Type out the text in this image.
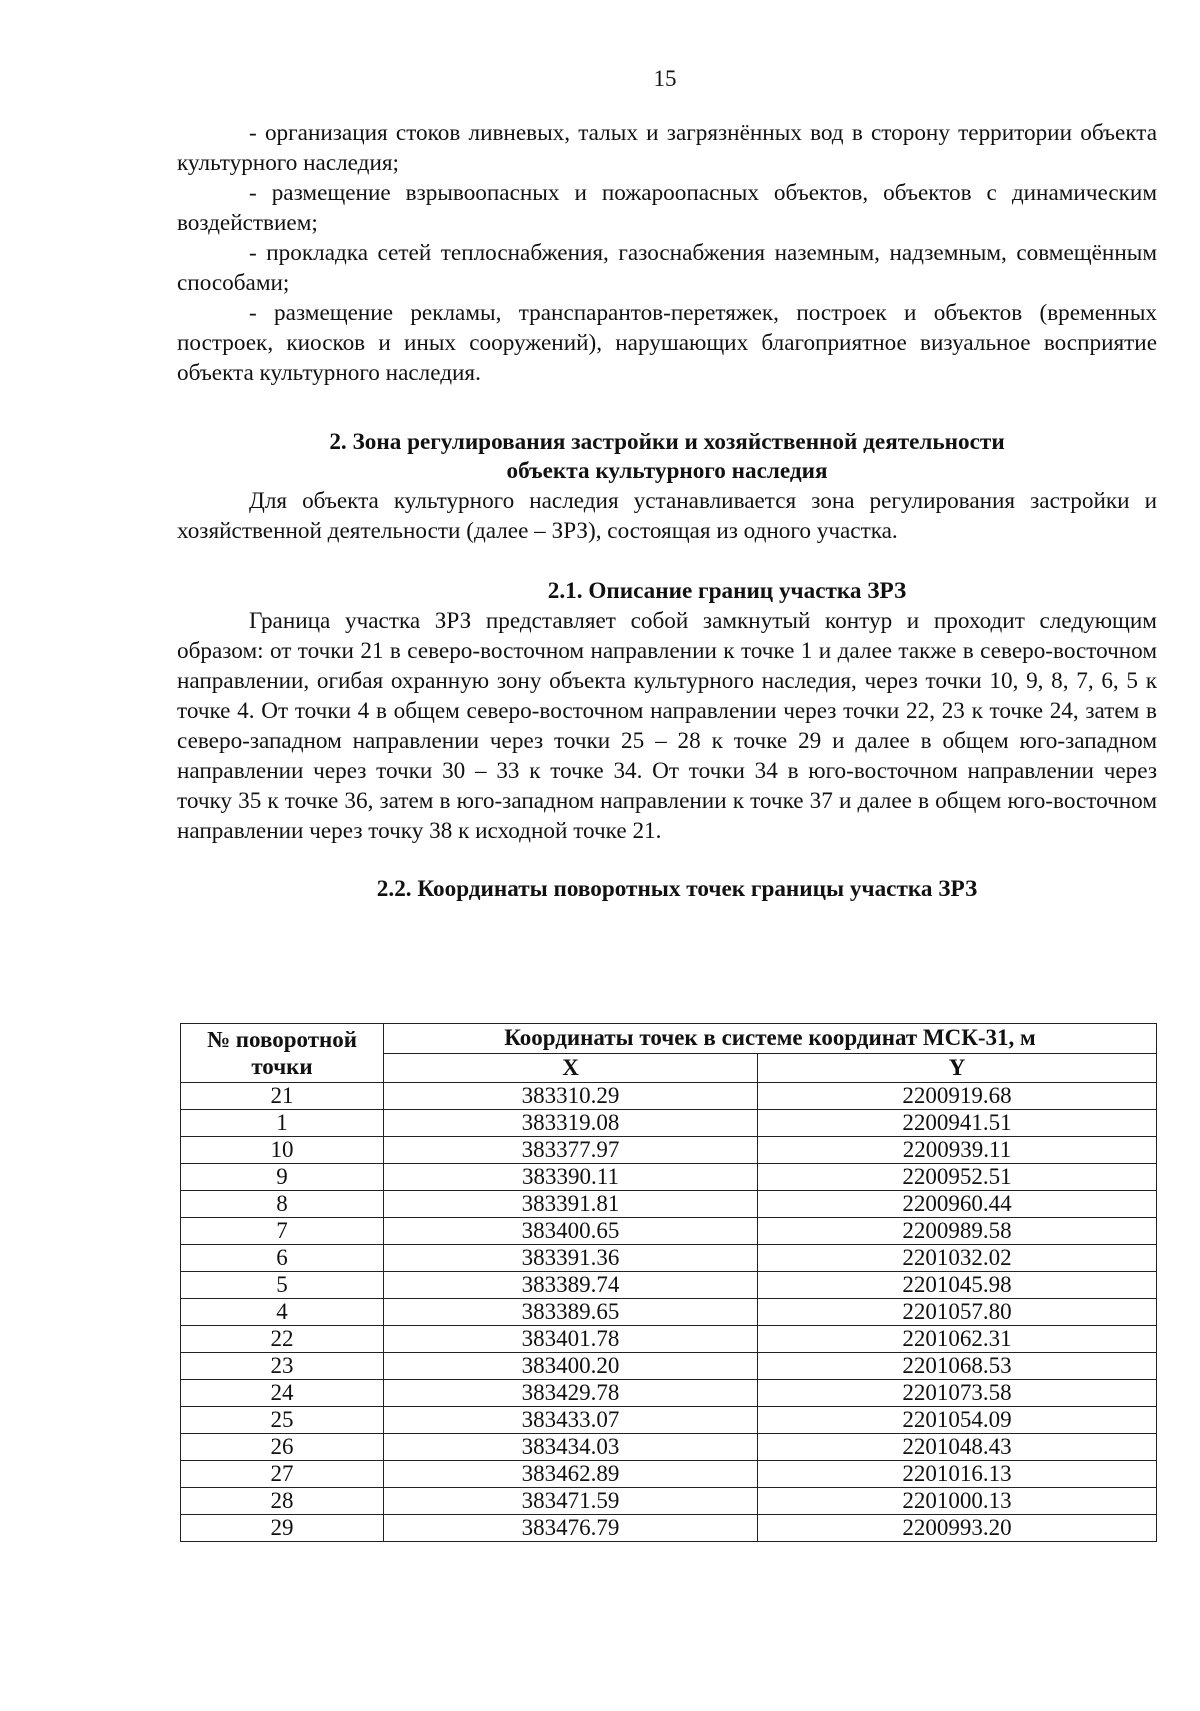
15

- организация стоков ливневых, талых и загрязнённых вод в сторону территории объекта культурного наследия;

- размещение взрывоопасных и пожароопасных объектов, объектов с динамическим воздействием;

- прокладка сетей теплоснабжения, газоснабжения наземным, надземным, совмещённым способами;

- размещение рекламы, транспарантов-перетяжек, построек и объектов (временных построек, киосков и иных сооружений), нарушающих благоприятное визуальное восприятие объекта культурного наследия.

2. Зона регулирования застройки и хозяйственной деятельности
объекта культурного наследия

Для объекта культурного наследия устанавливается зона регулирования застройки и хозяйственной деятельности (далее – ЗРЗ), состоящая из одного участка.

2.1. Описание границ участка ЗРЗ

Граница участка ЗРЗ представляет собой замкнутый контур и проходит следующим образом: от точки 21 в северо-восточном направлении к точке 1 и далее также в северо-восточном направлении, огибая охранную зону объекта культурного наследия, через точки 10, 9, 8, 7, 6, 5 к точке 4. От точки 4 в общем северо-восточном направлении через точки 22, 23 к точке 24, затем в северо-западном направлении через точки 25 – 28 к точке 29 и далее в общем юго-западном направлении через точки 30 – 33 к точке 34. От точки 34 в юго-восточном направлении через точку 35 к точке 36, затем в юго-западном направлении к точке 37 и далее в общем юго-восточном направлении через точку 38 к исходной точке 21.

2.2. Координаты поворотных точек границы участка ЗРЗ
№ поворотной
точки	Координаты точек в системе координат МСК-31, м	
	X	Y
21	383310.29	2200919.68
1	383319.08	2200941.51
10	383377.97	2200939.11
9	383390.11	2200952.51
8	383391.81	2200960.44
7	383400.65	2200989.58
6	383391.36	2201032.02
5	383389.74	2201045.98
4	383389.65	2201057.80
22	383401.78	2201062.31
23	383400.20	2201068.53
24	383429.78	2201073.58
25	383433.07	2201054.09
26	383434.03	2201048.43
27	383462.89	2201016.13
28	383471.59	2201000.13
29	383476.79	2200993.20
